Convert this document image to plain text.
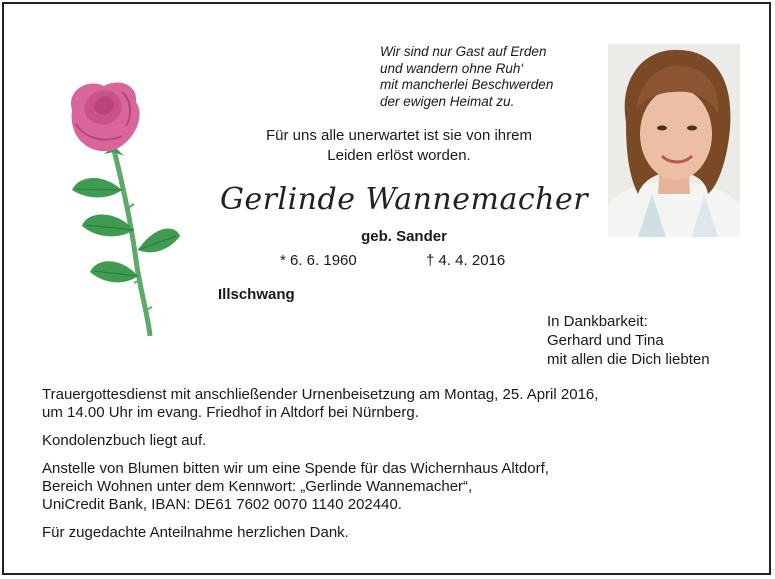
Wir sind nur Gast auf Erden
und wandern ohne Ruh‘
mit mancherlei Beschwerden
der ewigen Heimat zu.
Für uns alle unerwartet ist sie von ihrem
Leiden erlöst worden.
Gerlinde Wannemacher
geb. Sander
* 6. 6. 1960	† 4. 4. 2016
Illschwang
In Dankbarkeit:
Gerhard und Tina
mit allen die Dich liebten

Trauergottesdienst mit anschließender Urnenbeisetzung am Montag, 25. April 2016,
um 14.00 Uhr im evang. Friedhof in Altdorf bei Nürnberg.

Kondolenzbuch liegt auf.

Anstelle von Blumen bitten wir um eine Spende für das Wichernhaus Altdorf,
Bereich Wohnen unter dem Kennwort: „Gerlinde Wannemacher“,
UniCredit Bank, IBAN: DE61 7602 0070 1140 202440.

Für zugedachte Anteilnahme herzlichen Dank.
